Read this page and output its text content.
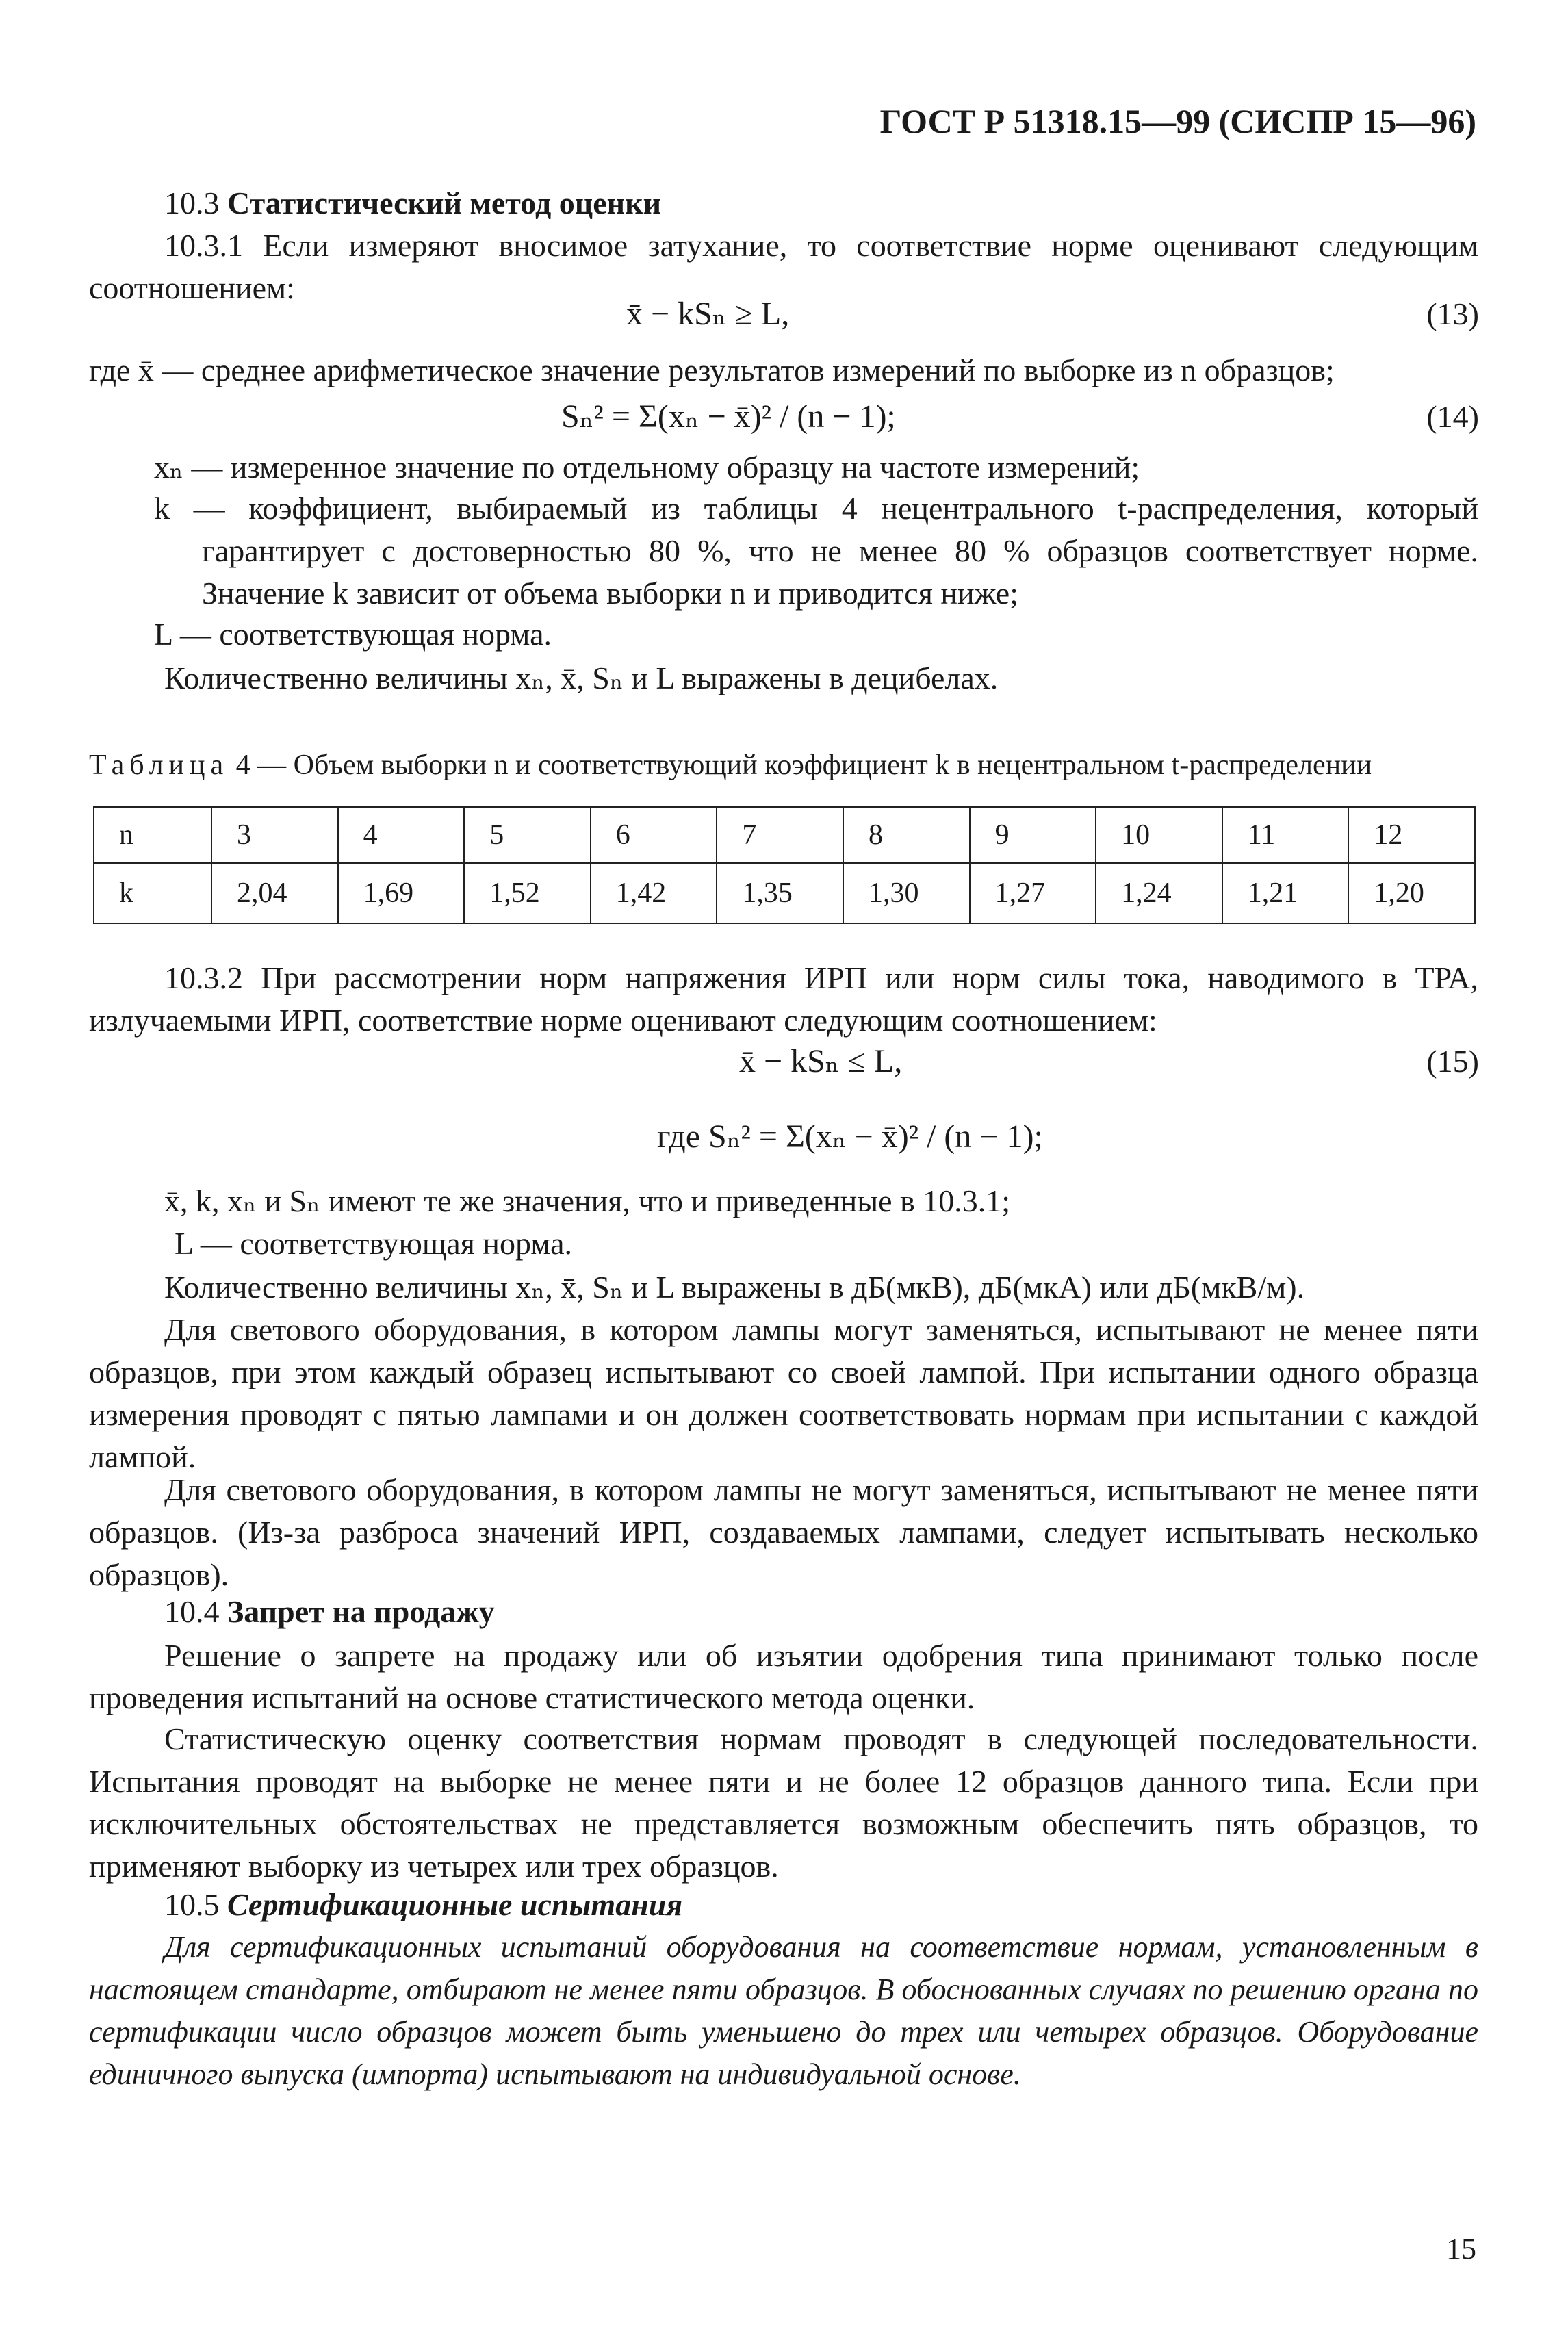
ГОСТ Р 51318.15—99 (СИСПР 15—96)
10.3 Статистический метод оценки
10.3.1 Если измеряют вносимое затухание, то соответствие норме оценивают следующим соотношением:
x̄ − kSₙ ≥ L,	(13)
где x̄ — среднее арифметическое значение результатов измерений по выборке из n образцов;
Sₙ² = Σ(xₙ − x̄)² / (n − 1);	(14)
xₙ — измеренное значение по отдельному образцу на частоте измерений;
k — коэффициент, выбираемый из таблицы 4 нецентрального t-распределения, который гарантирует с достоверностью 80 %, что не менее 80 % образцов соответствует норме. Значение k зависит от объема выборки n и приводится ниже;
L — соответствующая норма.
Количественно величины xₙ, x̄, Sₙ и L выражены в децибелах.
Таблица 4 — Объем выборки n и соответствующий коэффициент k в нецентральном t-распределении
n	3	4	5	6	7	8	9	10	11	12
k	2,04	1,69	1,52	1,42	1,35	1,30	1,27	1,24	1,21	1,20
10.3.2 При рассмотрении норм напряжения ИРП или норм силы тока, наводимого в ТРА, излучаемыми ИРП, соответствие норме оценивают следующим соотношением:
x̄ − kSₙ ≤ L,	(15)
где Sₙ² = Σ(xₙ − x̄)² / (n − 1);
x̄, k, xₙ и Sₙ имеют те же значения, что и приведенные в 10.3.1;
L — соответствующая норма.
Количественно величины xₙ, x̄, Sₙ и L выражены в дБ(мкВ), дБ(мкА) или дБ(мкВ/м).
Для светового оборудования, в котором лампы могут заменяться, испытывают не менее пяти образцов, при этом каждый образец испытывают со своей лампой. При испытании одного образца измерения проводят с пятью лампами и он должен соответствовать нормам при испытании с каждой лампой.
Для светового оборудования, в котором лампы не могут заменяться, испытывают не менее пяти образцов. (Из-за разброса значений ИРП, создаваемых лампами, следует испытывать несколько образцов).
10.4 Запрет на продажу
Решение о запрете на продажу или об изъятии одобрения типа принимают только после проведения испытаний на основе статистического метода оценки.
Статистическую оценку соответствия нормам проводят в следующей последовательности. Испытания проводят на выборке не менее пяти и не более 12 образцов данного типа. Если при исключительных обстоятельствах не представляется возможным обеспечить пять образцов, то применяют выборку из четырех или трех образцов.
10.5 Сертификационные испытания
Для сертификационных испытаний оборудования на соответствие нормам, установленным в настоящем стандарте, отбирают не менее пяти образцов. В обоснованных случаях по решению органа по сертификации число образцов может быть уменьшено до трех или четырех образцов. Оборудование единичного выпуска (импорта) испытывают на индивидуальной основе.
15
